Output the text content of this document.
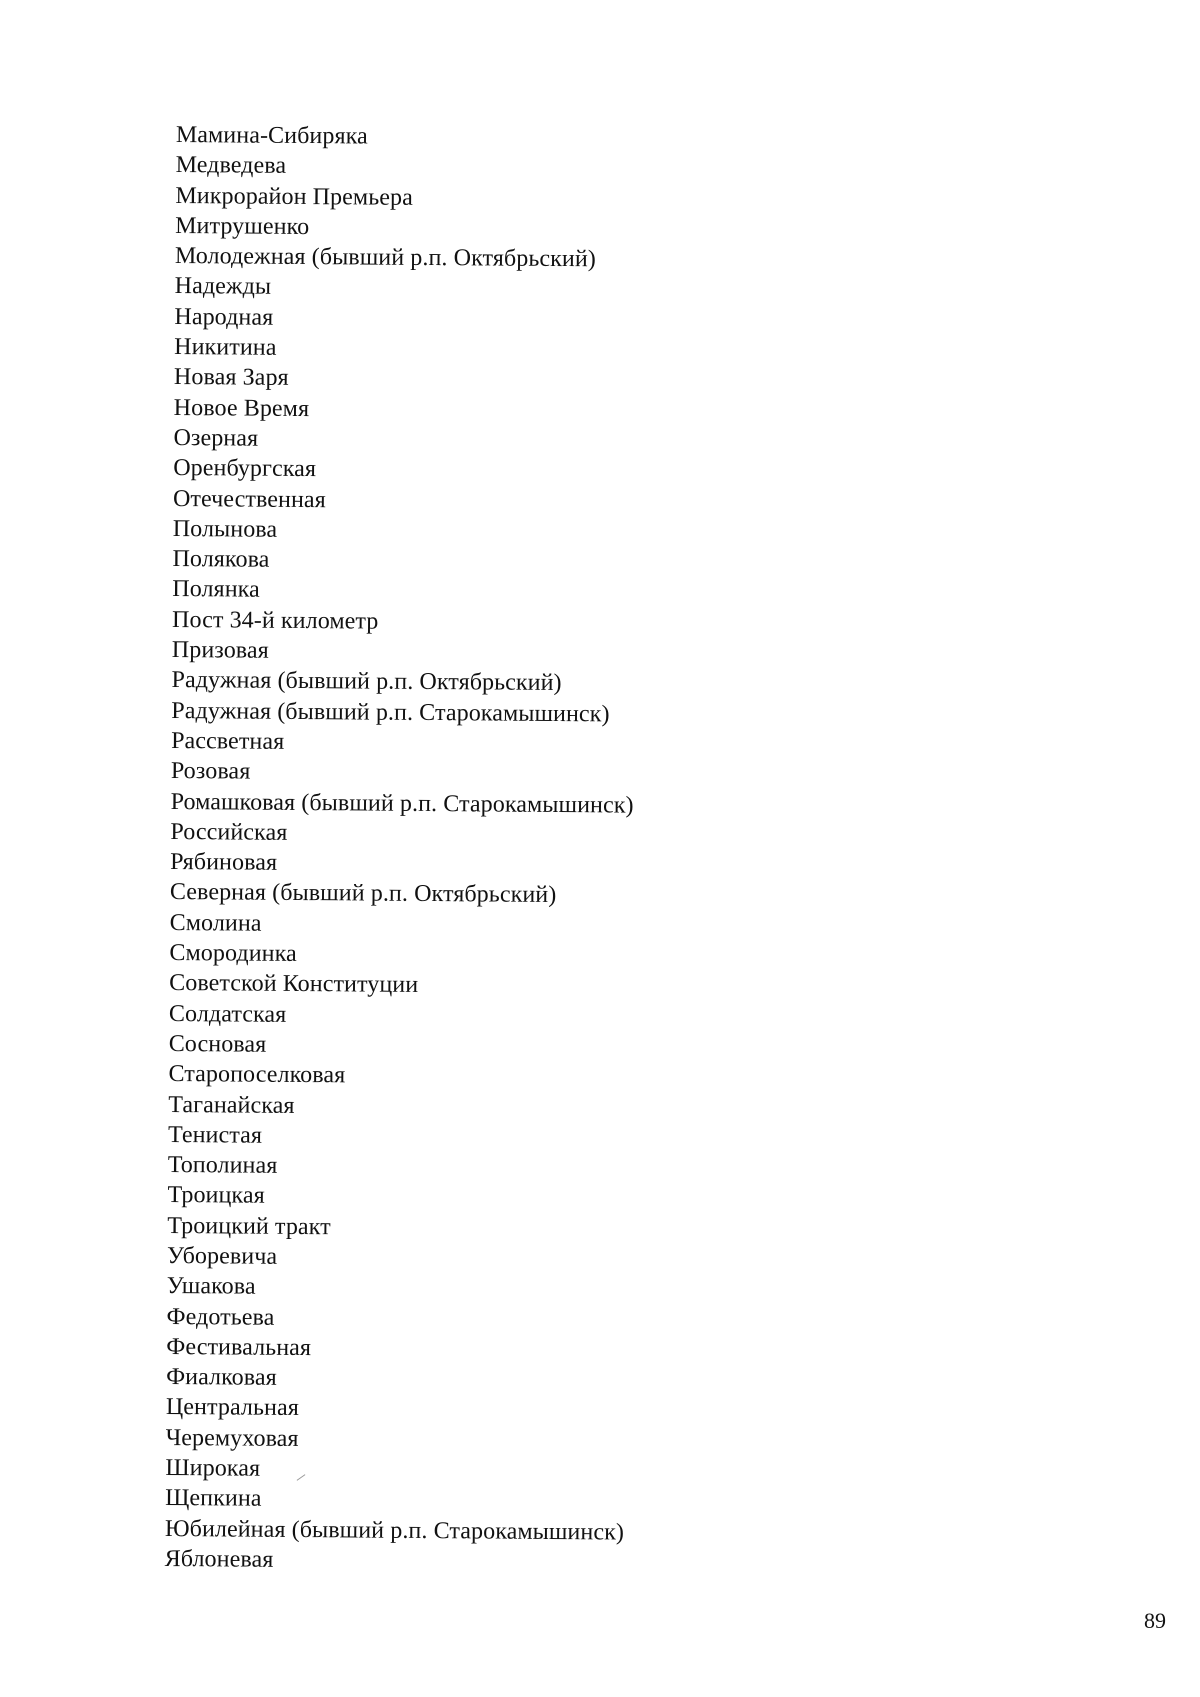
Мамина-Сибиряка
Медведева
Микрорайон Премьера
Митрушенко
Молодежная (бывший р.п. Октябрьский)
Надежды
Народная
Никитина
Новая Заря
Новое Время
Озерная
Оренбургская
Отечественная
Полынова
Полякова
Полянка
Пост 34-й километр
Призовая
Радужная (бывший р.п. Октябрьский)
Радужная (бывший р.п. Старокамышинск)
Рассветная
Розовая
Ромашковая (бывший р.п. Старокамышинск)
Российская
Рябиновая
Северная (бывший р.п. Октябрьский)
Смолина
Смородинка
Советской Конституции
Солдатская
Сосновая
Старопоселковая
Таганайская
Тенистая
Тополиная
Троицкая
Троицкий тракт
Уборевича
Ушакова
Федотьева
Фестивальная
Фиалковая
Центральная
Черемуховая
Широкая
Щепкина
Юбилейная (бывший р.п. Старокамышинск)
Яблоневая
89
